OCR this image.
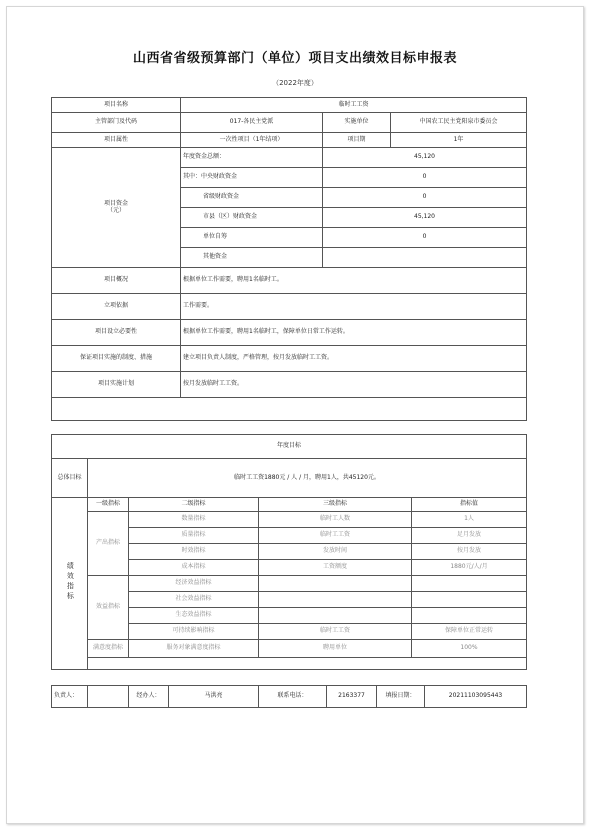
山西省省级预算部门（单位）项目支出绩效目标申报表
（2022年度）
项目名称	临时工工资		
主管部门及代码	017-各民主党派	实施单位	中国农工民主党阳泉市委员会
项目属性	一次性项目（1年结项）	项目期	1年
项目资金
（元）	年度资金总额：	45,120	
	其中：中央财政资金	0	
	省级财政资金	0	
	市县（区）财政资金	45,120	
	单位自筹	0	
	其他资金		
项目概况	根据单位工作需要，聘用1名临时工。		
立项依据	工作需要。		
项目设立必要性	根据单位工作需要，聘用1名临时工，保障单位日常工作运转。		
保证项目实施的制度、措施	建立项目负责人制度，严格管理，按月发放临时工工资。		
项目实施计划	按月发放临时工工资。		

年度目标
总体目标	临时工工资1880元 / 人 / 月，聘用1人，共45120元。
绩效指标	一级指标	二级指标	三级指标	指标值
	产出指标	数量指标	临时工人数	1人
		质量指标	临时工工资	足月发放
		时效指标	发放时间	按月发放
		成本指标	工资额度	1880元/人/月
	效益指标	经济效益指标		
		社会效益指标		
		生态效益指标		
		可持续影响指标	临时工工资	保障单位正常运转
	满意度指标	服务对象满意度指标	聘用单位	100%

负责人：		经办人：	马洪亮	联系电话：	2163377	填报日期：	20211103095443
